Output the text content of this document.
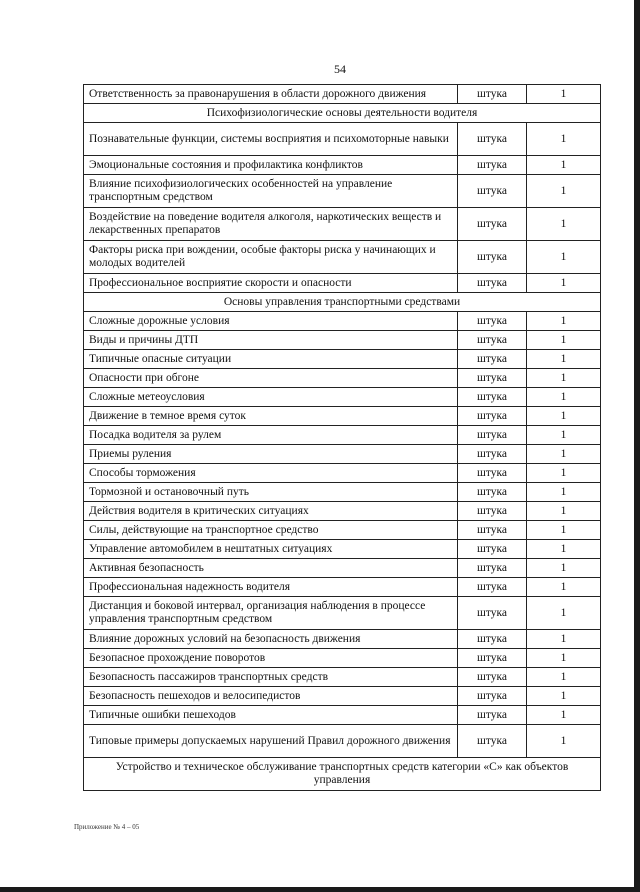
54
Ответственность за правонарушения в области дорожного движения	штука	1
Психофизиологические основы деятельности водителя		
Познавательные функции, системы восприятия и психомоторные навыки	штука	1
Эмоциональные состояния и профилактика конфликтов	штука	1
Влияние психофизиологических особенностей на управление транспортным средством	штука	1
Воздействие на поведение водителя алкоголя, наркотических веществ и лекарственных препаратов	штука	1
Факторы риска при вождении, особые факторы риска у начинающих и молодых водителей	штука	1
Профессиональное восприятие скорости и опасности	штука	1
Основы управления транспортными средствами		
Сложные дорожные условия	штука	1
Виды и причины ДТП	штука	1
Типичные опасные ситуации	штука	1
Опасности при обгоне	штука	1
Сложные метеоусловия	штука	1
Движение в темное время суток	штука	1
Посадка водителя за рулем	штука	1
Приемы руления	штука	1
Способы торможения	штука	1
Тормозной и остановочный путь	штука	1
Действия водителя в критических ситуациях	штука	1
Силы, действующие на транспортное средство	штука	1
Управление автомобилем в нештатных ситуациях	штука	1
Активная безопасность	штука	1
Профессиональная надежность водителя	штука	1
Дистанция и боковой интервал, организация наблюдения в процессе управления транспортным средством	штука	1
Влияние дорожных условий на безопасность движения	штука	1
Безопасное прохождение поворотов	штука	1
Безопасность пассажиров транспортных средств	штука	1
Безопасность пешеходов и велосипедистов	штука	1
Типичные ошибки пешеходов	штука	1
Типовые примеры допускаемых нарушений Правил дорожного движения	штука	1
Устройство и техническое обслуживание транспортных средств категории «С» как объектов управления		
Приложение № 4 – 05
